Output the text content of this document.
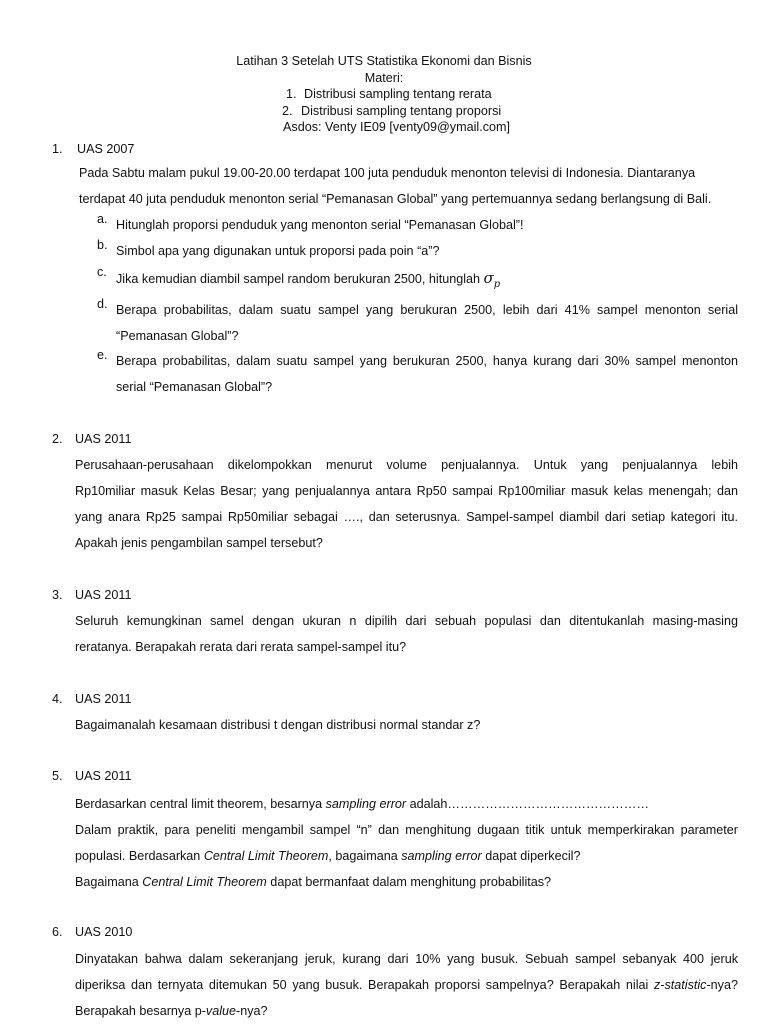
Latihan 3 Setelah UTS Statistika Ekonomi dan Bisnis
Materi:
1. Distribusi sampling tentang rerata
2. Distribusi sampling tentang proporsi
Asdos: Venty IE09 [venty09@ymail.com]
1.	UAS 2007
Pada Sabtu malam pukul 19.00-20.00 terdapat 100 juta penduduk menonton televisi di Indonesia. Diantaranya
terdapat 40 juta penduduk menonton serial “Pemanasan Global” yang pertemuannya sedang berlangsung di Bali.
a. Hitunglah proporsi penduduk yang menonton serial “Pemanasan Global”!
b. Simbol apa yang digunakan untuk proporsi pada poin “a”?
c. Jika kemudian diambil sampel random berukuran 2500, hitunglah $\sigma_p$
d. Berapa probabilitas, dalam suatu sampel yang berukuran 2500, lebih dari 41% sampel menonton serial
“Pemanasan Global”?
e. Berapa probabilitas, dalam suatu sampel yang berukuran 2500, hanya kurang dari 30% sampel menonton
serial “Pemanasan Global”?
2. UAS 2011
Perusahaan-perusahaan dikelompokkan menurut volume penjualannya. Untuk yang penjualannya lebih
Rp10miliar masuk Kelas Besar; yang penjualannya antara Rp50 sampai Rp100miliar masuk kelas menengah; dan
yang anara Rp25 sampai Rp50miliar sebagai …., dan seterusnya. Sampel-sampel diambil dari setiap kategori itu.
Apakah jenis pengambilan sampel tersebut?
3. UAS 2011
Seluruh kemungkinan samel dengan ukuran n dipilih dari sebuah populasi dan ditentukanlah masing-masing
reratanya. Berapakah rerata dari rerata sampel-sampel itu?
4. UAS 2011
Bagaimanalah kesamaan distribusi t dengan distribusi normal standar z?
5. UAS 2011
Berdasarkan central limit theorem, besarnya sampling error adalah…………………………………………
Dalam praktik, para peneliti mengambil sampel “n” dan menghitung dugaan titik untuk memperkirakan parameter
populasi. Berdasarkan Central Limit Theorem, bagaimana sampling error dapat diperkecil?
Bagaimana Central Limit Theorem dapat bermanfaat dalam menghitung probabilitas?
6. UAS 2010
Dinyatakan bahwa dalam sekeranjang jeruk, kurang dari 10% yang busuk. Sebuah sampel sebanyak 400 jeruk
diperiksa dan ternyata ditemukan 50 yang busuk. Berapakah proporsi sampelnya? Berapakah nilai z-statistic-nya?
Berapakah besarnya p-value-nya?
